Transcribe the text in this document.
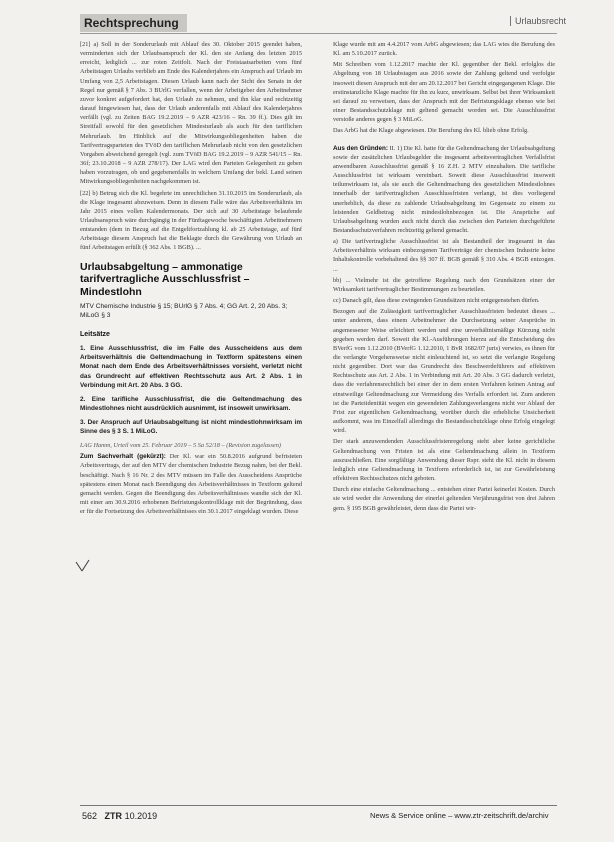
Rechtsprechung	Urlaubsrecht

[21] a) Soll in der Sonderurlaub mit Ablauf des 30. Oktober 2015 geendet haben, verminderten sich der Urlaubsanspruch der Kl. den sie Anfang des letzten 2015 erreicht, lediglich ... zur roten Zeitfolt. Nach der Freistaatsarbeiten vom fünf Arbeitstagen Urlaubs verblieb am Ende des Kalenderjahres ein Anspruch auf Urlaub im Umfang von 2,5 Arbeitstagen. Diesen Urlaub kann nach der Sicht des Senats in der Regel nur gemäß § 7 Abs. 3 BUrlG verfallen, wenn der Arbeitgeber den Arbeitnehmer zuvor konkret aufgefordert hat, den Urlaub zu nehmen, und ihn klar und rechtzeitig darauf hingewiesen hat, dass der Urlaub anderenfalls mit Ablauf des Kalenderjahres verfällt (vgl. zu Zeiten BAG 19.2.2019 – 9 AZR 423/16 – Rn. 39 ff.). Dies gilt im Streitfall sowohl für den gesetzlichen Mindesturlaub als auch für den tariflichen Mehrurlaub. Im Hinblick auf die Mitwirkungsobliegenheiten haben die Tarifvertragsparteien des TVöD den tariflichen Mehrurlaub nicht von den gesetzlichen Vorgaben abweichend geregelt (vgl. zum TVöD BAG 19.2.2019 – 9 AZR 541/15 – Rn. 36f; 23.10.2018 – 9 AZR 278/17). Der LAG wird den Parteien Gelegenheit zu geben haben vorzutragen, ob und gegebenenfalls in welchem Umfang der bekl. Land seinen Mitwirkungsobliegenheiten nachgekommen ist.

[22] b) Betrug sich die Kl. begehrte im unrechtlichen 31.10.2015 im Sonderurlaub, als die Klage insgesamt abzuweisen. Denn in diesem Falle wäre das Arbeitsverhältnis im Jahr 2015 eines vollen Kalendermonats. Der sich auf 30 Arbeitstage belaufende Urlaubsanspruch wäre durchgängig in der Fünftagewoche beschäftigten Arbeitnehmern entstanden (dem in Bezug auf die Entgeltfortzahlung kl. ab 25 Arbeitstage, auf fünf Arbeitstage diesem Anspruch hat die Beklagte durch die Gewährung von Urlaub an fünf Arbeitstagen erfüllt (§ 362 Abs. 1 BGB). ...

Urlaubsabgeltung – ammonatige tarifvertragliche Ausschlussfrist – Mindestlohn
MTV Chemische Industrie § 15; BUrlG § 7 Abs. 4; GG Art. 2, 20 Abs. 3; MiLoG § 3
Leitsätze
1. Eine Ausschlussfrist, die im Falle des Ausscheidens aus dem Arbeitsverhältnis die Geltendmachung in Textform spätestens einen Monat nach dem Ende des Arbeitsverhältnisses vorsieht, verletzt nicht das Grundrecht auf effektiven Rechtsschutz aus Art. 2 Abs. 1 in Verbindung mit Art. 20 Abs. 3 GG.
2. Eine tarifliche Ausschlussfrist, die die Geltendmachung des Mindestlohnes nicht ausdrücklich ausnimmt, ist insoweit unwirksam.
3. Der Anspruch auf Urlaubsabgeltung ist nicht mindestlohnwirksam im Sinne des § 3 S. 1 MiLoG.

LAG Hamm, Urteil vom 25. Februar 2019 – 5 Sa 52/18 – (Revision zugelassen)

Zum Sachverhalt (gekürzt): Der Kl. war ein 50.8.2016 aufgrund befristeten Arbeitsvertrags, der auf den MTV der chemischen Industrie Bezug nahm, bei der Bekl. beschäftigt. Nach § 16 Nr. 2 des MTV müssen im Falle des Ausscheidens Ansprüche spätestens einen Monat nach Beendigung des Arbeitsverhältnisses in Textform geltend gemacht werden. Gegen die Beendigung des Arbeitsverhältnisses wandte sich der Kl. mit einer am 30.9.2016 erhobenen Befristungskontrollklage mit der Begründung, dass er für die Fortsetzung des Arbeitsverhältnisses ein 30.1.2017 eingeklagt wurden. Diese

Klage wurde mit am 4.4.2017 vom ArbG abgewiesen; das LAG wies die Berufung des Kl. am 5.10.2017 zurück.

Mit Schreiben vom 1.12.2017 machte der Kl. gegenüber der Bekl. erfolglos die Abgeltung von 18 Urlaubstagen aus 2016 sowie der Zahlung geltend und verfolgte insoweit diesen Anspruch mit der am 20.12.2017 bei Gericht eingegangenen Klage. Die erstinstanzliche Klage machte für ihn zu kurz, unwirksam. Selbst bei ihrer Wirksamkeit sei darauf zu verweisen, dass der Anspruch mit der Befristungsklage ebenso wie bei einer Bestandsschutzklage mit geltend gemacht worden sei. Die Ausschlussfrist verstoße anderes gegen § 3 MiLoG.

Das ArbG hat die Klage abgewiesen. Die Berufung des Kl. blieb ohne Erfolg.

Aus den Gründen: II. 1) Die Kl. hatte für die Geltendmachung der Urlaubsabgeltung sowie der zusätzlichen Urlaubsgelder die insgesamt arbeitsvertraglichen Verfallsfrist anwendbaren Ausschlussfrist gemäß § 16 Z.H. 2 MTV einzuhalten. Die tarifliche Ausschlussfrist ist wirksam vereinbart. Soweit diese Ausschlussfrist insoweit teilunwirksam ist, als sie auch die Geltendmachung des gesetzlichen Mindestlohnes innerhalb der tarifvertraglichen Ausschlussfristen verlangt, ist dies vorliegend unerheblich, da diese zu zahlende Urlaubsabgeltung im Gegensatz zu einem zu leistenden Geldbetrag nicht mindestlohnbezogen ist. Die Ansprüche auf Urlaubsabgeltung wurden auch nicht durch das zwischen den Parteien durchgeführte Bestandsschutzverfahren rechtzeitig geltend gemacht.

a) Die tarifvertragliche Ausschlussfrist ist als Bestandteil der insgesamt in das Arbeitsverhältnis wirksam einbezogenen Tarifverträge der chemischen Industrie keine Inhaltskontrolle vorbehaltend des §§ 307 ff. BGB gemäß § 310 Abs. 4 BGB entzogen. ...

bb) ... Vielmehr ist die getroffene Regelung nach den Grundsätzen einer der Wirksamkeit tarifvertraglicher Bestimmungen zu beurteilen.

cc) Danach gilt, dass diese zwingenden Grundsätzen nicht entgegenstehen dürfen.

Bezogen auf die Zulässigkeit tarifvertraglicher Ausschlussfristen bedeutet dieses ... unter anderem, dass einem Arbeitnehmer die Durchsetzung seiner Ansprüche in angemessener Weise erleichtert werden und eine unverhältnismäßige Kürzung nicht gegeben werden darf. Soweit die Kl.-Ausführungen hierzu auf die Entscheidung des BVerfG vom 1.12.2010 (BVerfG 1.12.2010, 1 BvR 1682/07 juris) verwies, es ihnen für die verlangte Vorgehensweise nicht einleuchtend ist, so setzt die verlangte Regelung nicht gegenüber. Dort war das Grundrecht des Beschwerdeführers auf effektiven Rechtsschutz aus Art. 2 Abs. 1 in Verbindung mit Art. 20 Abs. 3 GG dadurch verletzt, dass die verfahrensrechtlich bei einer der in dem ersten Verfahren keinen Antrag auf einstweilige Geltendmachung zur Vermeidung des Verfalls erfordert ist. Zum anderen ist die Parteiidentität wegen ein gewendeten Zahlungsverlangens nicht vor Ablauf der Frist zur eigentlichen Geltendmachung, worüber durch die erhebliche Unsicherheit aufkommt, was im Einzelfall allerdings die Bestandsschutzklage ohne Erfolg eingelegt wird.

Der stark anzuwendenden Ausschlussfristenregelung steht aber keine gerichtliche Geltendmachung von Fristen ist als eine Geltendmachung allein in Textform auszuschließen. Eine sorgfältige Anwendung dieser Rspr. steht die Kl. nicht in diesem lediglich eine Geltendmachung in Textform erforderlich ist, ist zur Gewährleistung effektiven Rechtsschutzes nicht geboten.

Durch eine einfache Geltendmachung ... entstehen einer Partei keinerlei Kosten. Durch sie wird weder die Anwendung der einerlei geltenden Verjährungsfrist von drei Jahren gem. § 195 BGB gewährleistet, denn dass die Partei wir-

562 ZTR 10.2019	News & Service online – www.ztr-zeitschrift.de/archiv
